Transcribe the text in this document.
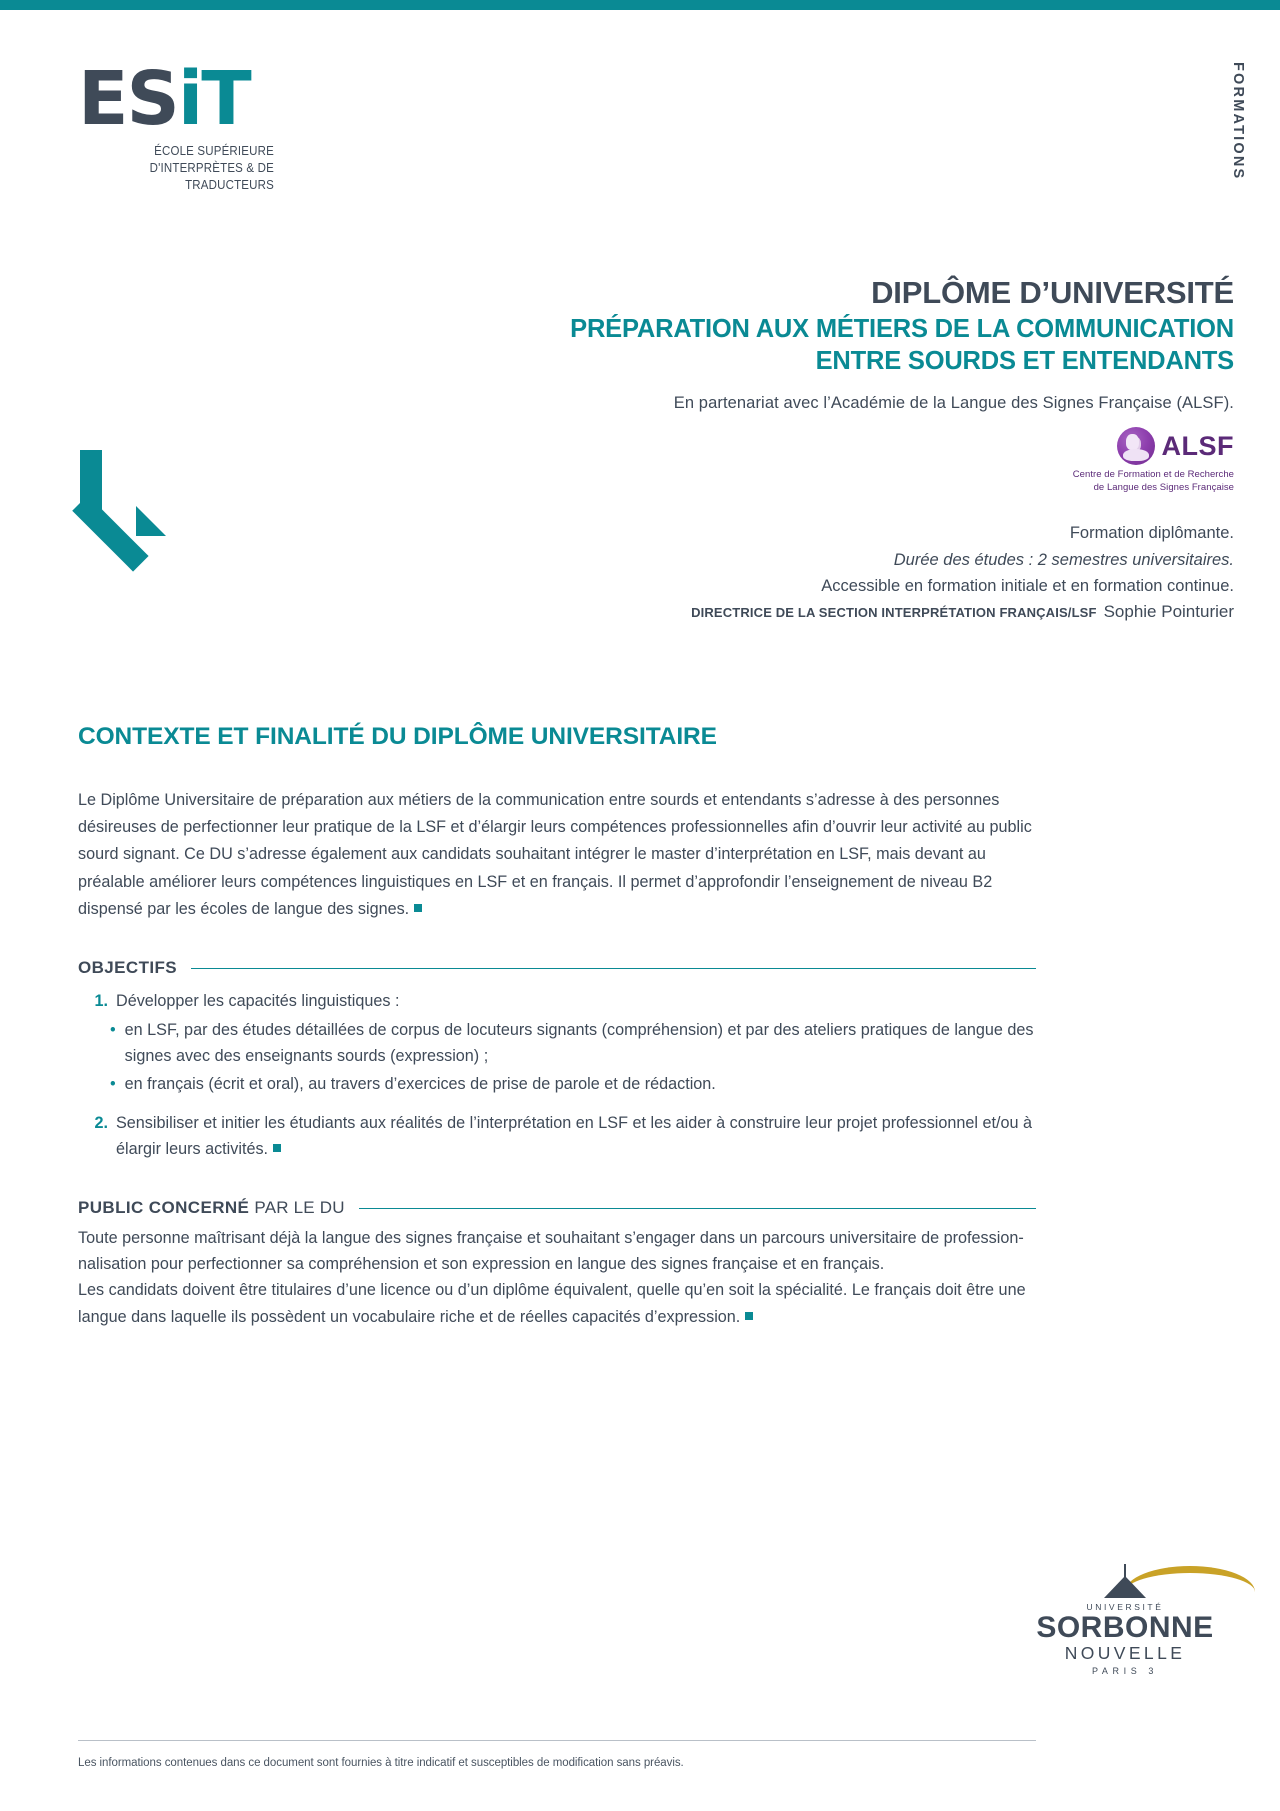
ESiT
ÉCOLE SUPÉRIEURE
D'INTERPRÈTES & DE TRADUCTEURS
FORMATIONS
DIPLÔME D’UNIVERSITÉ
PRÉPARATION AUX MÉTIERS DE LA COMMUNICATION
ENTRE SOURDS ET ENTENDANTS
En partenariat avec l’Académie de la Langue des Signes Française (ALSF).
ALSF
Centre de Formation et de Recherche
de Langue des Signes Française
Formation diplômante.
Durée des études : 2 semestres universitaires.
Accessible en formation initiale et en formation continue.
DIRECTRICE DE LA SECTION INTERPRÉTATION FRANÇAIS/LSF Sophie Pointurier
CONTEXTE ET FINALITÉ DU DIPLÔME UNIVERSITAIRE
Le Diplôme Universitaire de préparation aux métiers de la communication entre sourds et entendants s’adresse à des personnes désireuses de perfectionner leur pratique de la LSF et d’élargir leurs compétences professionnelles afin d’ouvrir leur activité au public sourd signant. Ce DU s’adresse également aux candidats souhaitant intégrer le master d’interprétation en LSF, mais devant au préalable améliorer leurs compétences linguistiques en LSF et en français. Il permet d’approfondir l’enseignement de niveau B2 dispensé par les écoles de langue des signes.
OBJECTIFS
1. Développer les capacités linguistiques :
• en LSF, par des études détaillées de corpus de locuteurs signants (compréhension) et par des ateliers pratiques de langue des signes avec des enseignants sourds (expression) ;
• en français (écrit et oral), au travers d’exercices de prise de parole et de rédaction.
2. Sensibiliser et initier les étudiants aux réalités de l’interprétation en LSF et les aider à construire leur projet professionnel et/ou à élargir leurs activités.
PUBLIC CONCERNÉ PAR LE DU
Toute personne maîtrisant déjà la langue des signes française et souhaitant s’engager dans un parcours universitaire de profession-nalisation pour perfectionner sa compréhension et son expression en langue des signes française et en français.
Les candidats doivent être titulaires d’une licence ou d’un diplôme équivalent, quelle qu’en soit la spécialité. Le français doit être une langue dans laquelle ils possèdent un vocabulaire riche et de réelles capacités d’expression.
UNIVERSITÉ
SORBONNE
NOUVELLE
PARIS 3
Les informations contenues dans ce document sont fournies à titre indicatif et susceptibles de modification sans préavis.
